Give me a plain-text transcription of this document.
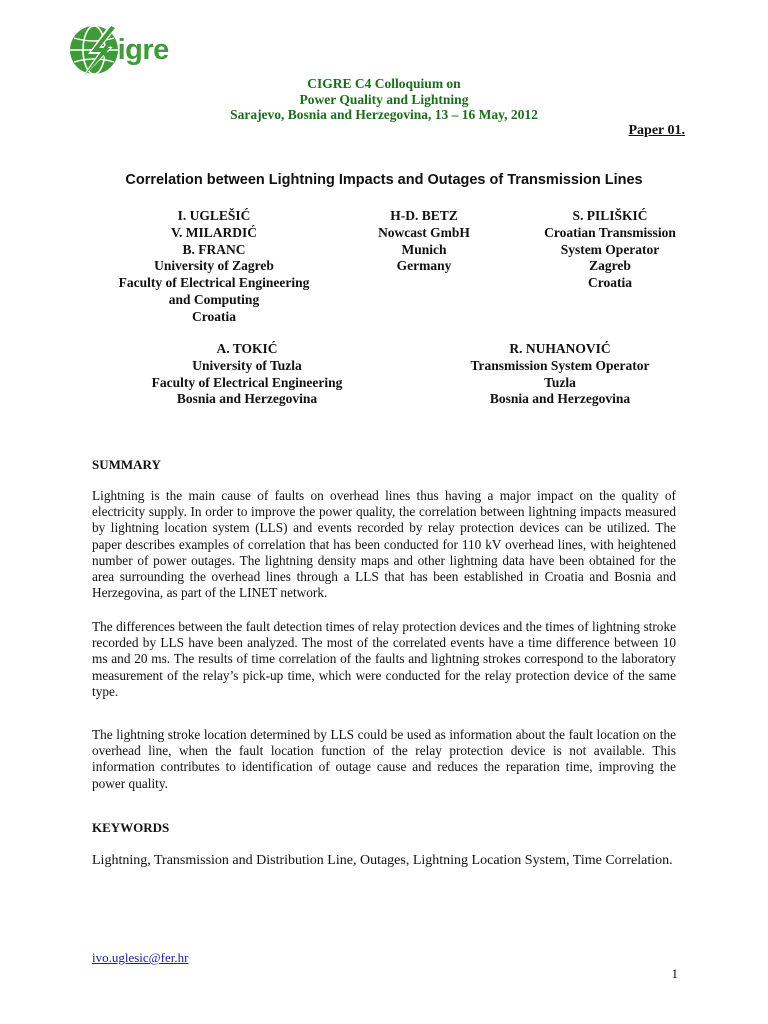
cigre
CIGRE C4 Colloquium on
Power Quality and Lightning
Sarajevo, Bosnia and Herzegovina, 13 – 16 May, 2012
Paper 01.
Correlation between Lightning Impacts and Outages of Transmission Lines
I. UGLEŠIĆ
V. MILARDIĆ
B. FRANC
University of Zagreb
Faculty of Electrical Engineering
and Computing
Croatia
H-D. BETZ
Nowcast GmbH
Munich
Germany
S. PILIŠKIĆ
Croatian Transmission
System Operator
Zagreb
Croatia
A. TOKIĆ
University of Tuzla
Faculty of Electrical Engineering
Bosnia and Herzegovina
R. NUHANOVIĆ
Transmission System Operator
Tuzla
Bosnia and Herzegovina
SUMMARY
Lightning is the main cause of faults on overhead lines thus having a major impact on the quality of electricity supply. In order to improve the power quality, the correlation between lightning impacts measured by lightning location system (LLS) and events recorded by relay protection devices can be utilized. The paper describes examples of correlation that has been conducted for 110 kV overhead lines, with heightened number of power outages. The lightning density maps and other lightning data have been obtained for the area surrounding the overhead lines through a LLS that has been established in Croatia and Bosnia and Herzegovina, as part of the LINET network.
The differences between the fault detection times of relay protection devices and the times of lightning stroke recorded by LLS have been analyzed. The most of the correlated events have a time difference between 10 ms and 20 ms. The results of time correlation of the faults and lightning strokes correspond to the laboratory measurement of the relay’s pick-up time, which were conducted for the relay protection device of the same type.
The lightning stroke location determined by LLS could be used as information about the fault location on the overhead line, when the fault location function of the relay protection device is not available. This information contributes to identification of outage cause and reduces the reparation time, improving the power quality.
KEYWORDS
Lightning, Transmission and Distribution Line, Outages, Lightning Location System, Time Correlation.
ivo.uglesic@fer.hr
1
